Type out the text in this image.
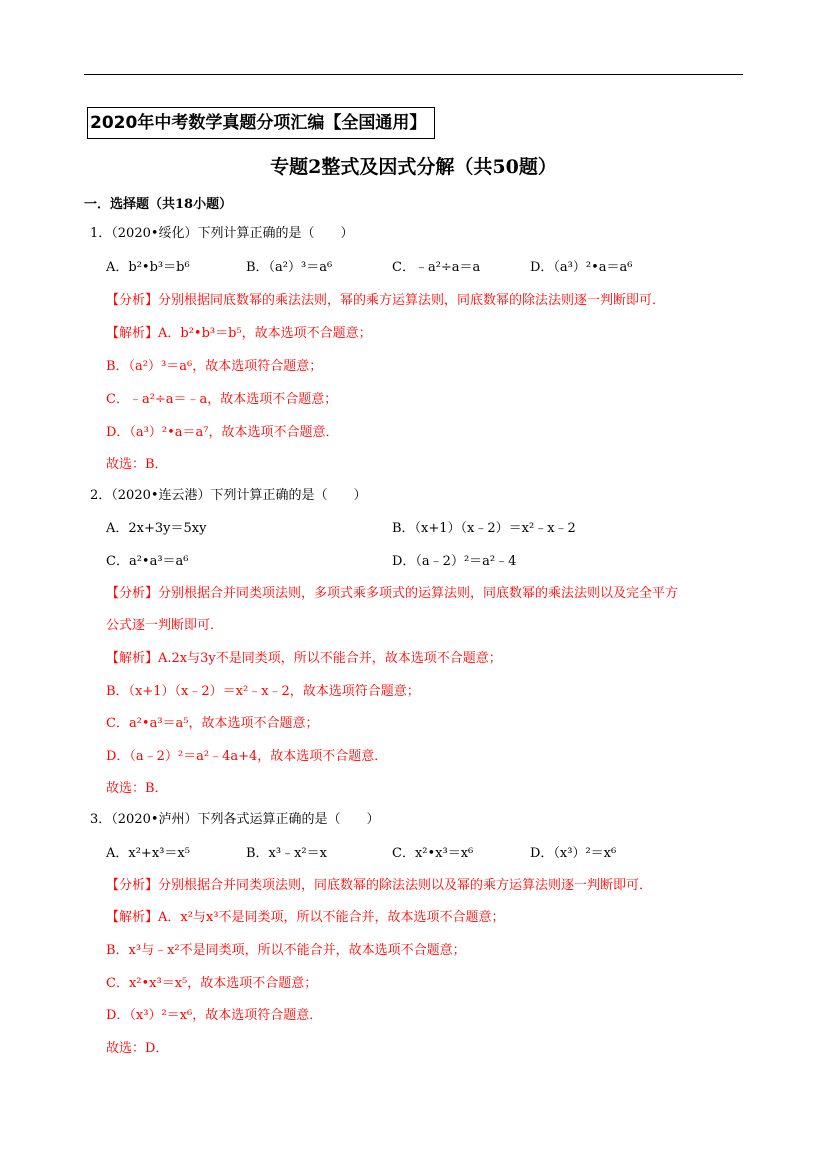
2020年中考数学真题分项汇编【全国通用】
专题2整式及因式分解（共50题）
一．选择题（共18小题）
1．（2020•绥化）下列计算正确的是（　　）
A．b²•b³＝b⁶	B．（a²）³＝a⁶	C．﹣a²÷a＝a	D．（a³）²•a＝a⁶
【分析】分别根据同底数幂的乘法法则，幂的乘方运算法则，同底数幂的除法法则逐一判断即可．
【解析】A．b²•b³＝b⁵，故本选项不合题意；
B．（a²）³＝a⁶，故本选项符合题意；
C．﹣a²÷a＝﹣a，故本选项不合题意；
D．（a³）²•a＝a⁷，故本选项不合题意．
故选：B．
2．（2020•连云港）下列计算正确的是（　　）
A．2x+3y＝5xy	B．（x+1）（x﹣2）＝x²﹣x﹣2
C．a²•a³＝a⁶	D．（a﹣2）²＝a²﹣4
【分析】分别根据合并同类项法则，多项式乘多项式的运算法则，同底数幂的乘法法则以及完全平方
公式逐一判断即可．
【解析】A.2x与3y不是同类项，所以不能合并，故本选项不合题意；
B．（x+1）（x﹣2）＝x²﹣x﹣2，故本选项符合题意；
C．a²•a³＝a⁵，故本选项不合题意；
D．（a﹣2）²＝a²﹣4a+4，故本选项不合题意．
故选：B．
3．（2020•泸州）下列各式运算正确的是（　　）
A．x²+x³＝x⁵	B．x³﹣x²＝x	C．x²•x³＝x⁶	D．（x³）²＝x⁶
【分析】分别根据合并同类项法则，同底数幂的除法法则以及幂的乘方运算法则逐一判断即可．
【解析】A．x²与x³不是同类项，所以不能合并，故本选项不合题意；
B．x³与﹣x²不是同类项，所以不能合并，故本选项不合题意；
C．x²•x³＝x⁵，故本选项不合题意；
D．（x³）²＝x⁶，故本选项符合题意．
故选：D．
